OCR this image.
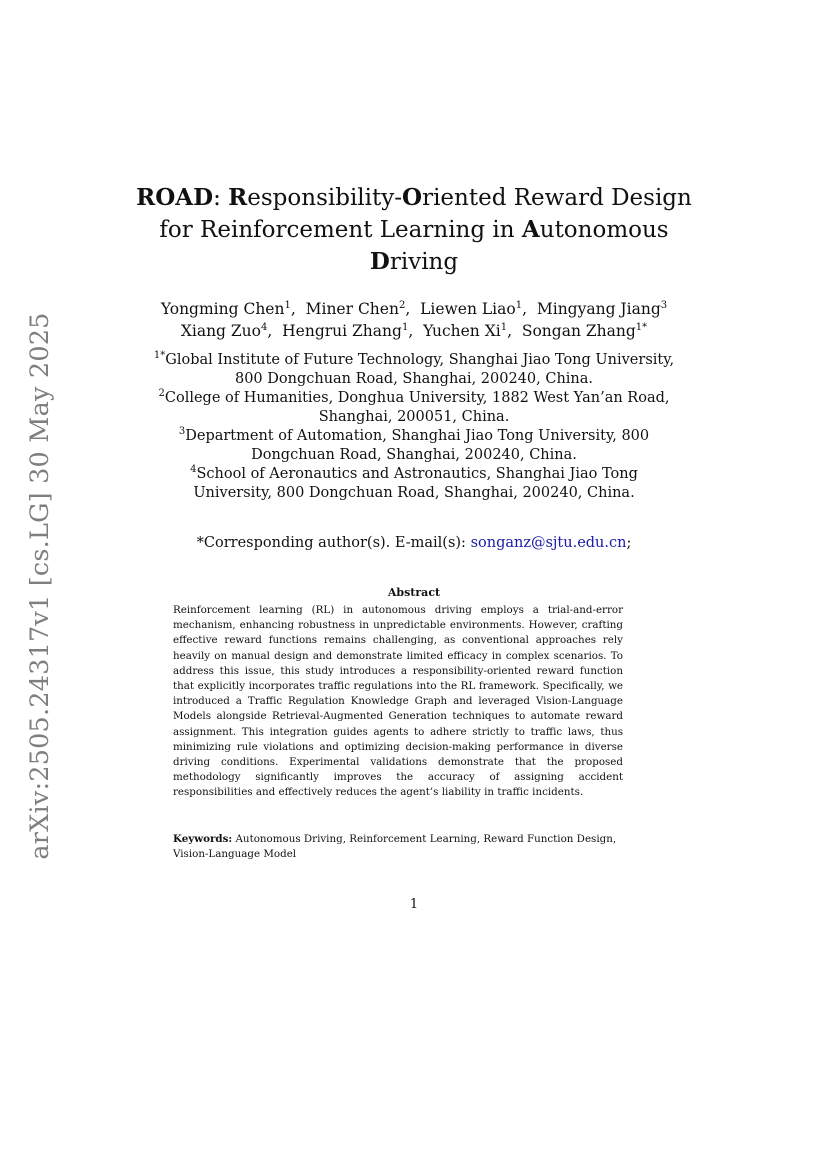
arXiv:2505.24317v1 [cs.LG] 30 May 2025
ROAD: Responsibility-Oriented Reward Design
for Reinforcement Learning in Autonomous
Driving
Yongming Chen$^1$ ,  Miner Chen$^2$ ,  Liewen Liao$^1$ ,  Mingyang Jiang$^3$
Xiang Zuo$^4$ ,  Hengrui Zhang$^1$ ,  Yuchen Xi$^1$ ,  Songan Zhang$^{1*}$

$^{1*}$Global Institute of Future Technology, Shanghai Jiao Tong University, 800 Dongchuan Road, Shanghai, 200240, China.

$^2$College of Humanities, Donghua University, 1882 West Yan’an Road, Shanghai, 200051, China.

$^3$Department of Automation, Shanghai Jiao Tong University, 800 Dongchuan Road, Shanghai, 200240, China.

$^4$School of Aeronautics and Astronautics, Shanghai Jiao Tong University, 800 Dongchuan Road, Shanghai, 200240, China.

*Corresponding author(s). E-mail(s): songanz@sjtu.edu.cn;
Abstract

Reinforcement learning (RL) in autonomous driving employs a trial-and-error mechanism, enhancing robustness in unpredictable environments. However, crafting effective reward functions remains challenging, as conventional approaches rely heavily on manual design and demonstrate limited efficacy in complex scenarios. To address this issue, this study introduces a responsibility-oriented reward function that explicitly incorporates traffic regulations into the RL framework. Specifically, we introduced a Traffic Regulation Knowledge Graph and leveraged Vision-Language Models alongside Retrieval-Augmented Generation techniques to automate reward assignment. This integration guides agents to adhere strictly to traffic laws, thus minimizing rule violations and optimizing decision-making performance in diverse driving conditions. Experimental validations demonstrate that the proposed methodology significantly improves the accuracy of assigning accident responsibilities and effectively reduces the agent’s liability in traffic incidents.

Keywords: Autonomous Driving, Reinforcement Learning, Reward Function Design, Vision-Language Model
1
